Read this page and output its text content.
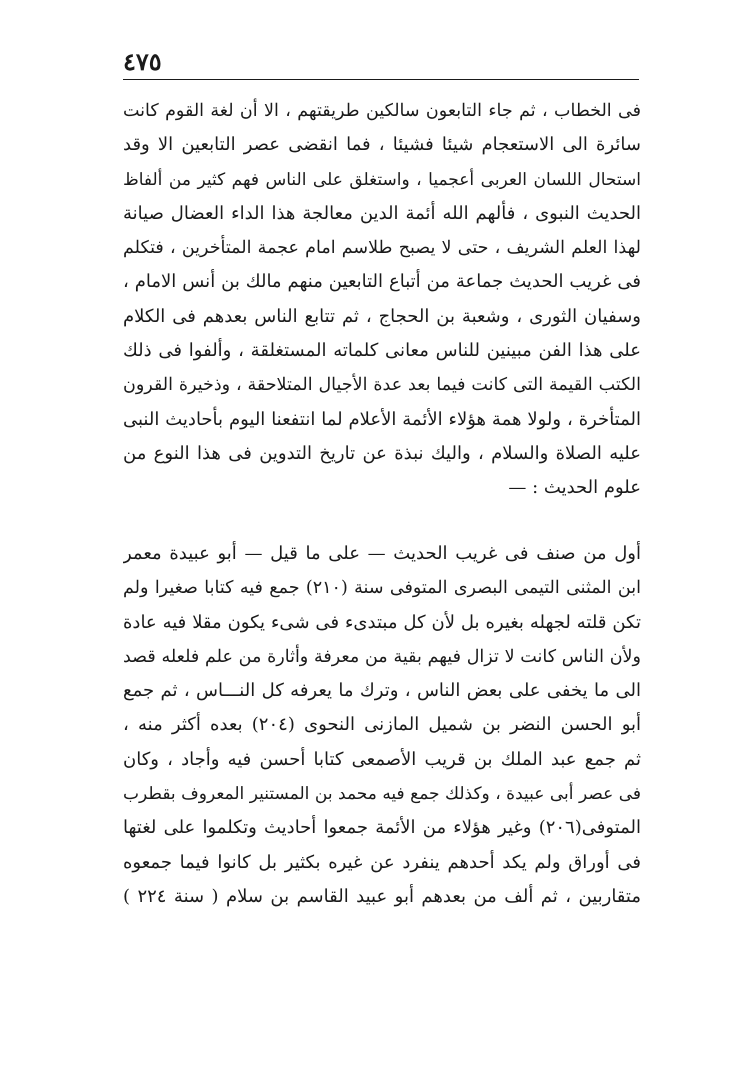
٤٧٥
فى الخطاب ، ثم جاء التابعون سالكين طريقتهم ، الا أن لغة القوم كانت
سائرة الى الاستعجام شيئا فشيئا ، فما انقضى عصر التابعين الا وقد
استحال اللسان العربى أعجميا ، واستغلق على الناس فهم كثير من ألفاظ
الحديث النبوى ، فألهم الله أئمة الدين معالجة هذا الداء العضال صيانة
لهذا العلم الشريف ، حتى لا يصبح طلاسم امام عجمة المتأخرين ، فتكلم
فى غريب الحديث جماعة من أتباع التابعين منهم مالك بن أنس الامام ،
وسفيان الثورى ، وشعبة بن الحجاج ، ثم تتابع الناس بعدهم فى الكلام
على هذا الفن مبينين للناس معانى كلماته المستغلقة ، وألفوا فى ذلك
الكتب القيمة التى كانت فيما بعد عدة الأجيال المتلاحقة ، وذخيرة القرون
المتأخرة ، ولولا همة هؤلاء الأئمة الأعلام لما انتفعنا اليوم بأحاديث النبى
عليه الصلاة والسلام ، واليك نبذة عن تاريخ التدوين فى هذا النوع من
علوم الحديث : —
أول من صنف فى غريب الحديث — على ما قيل — أبو عبيدة معمر
ابن المثنى التيمى البصرى المتوفى سنة (٢١٠) جمع فيه كتابا صغيرا ولم
تكن قلته لجهله بغيره بل لأن كل مبتدىء فى شىء يكون مقلا فيه عادة
ولأن الناس كانت لا تزال فيهم بقية من معرفة وأثارة من علم فلعله قصد
الى ما يخفى على بعض الناس ، وترك ما يعرفه كل النـــاس ، ثم جمع
أبو الحسن النضر بن شميل المازنى النحوى (٢٠٤) بعده أكثر منه ،
ثم جمع عبد الملك بن قريب الأصمعى كتابا أحسن فيه وأجاد ، وكان
فى عصر أبى عبيدة ، وكذلك جمع فيه محمد بن المستنير المعروف بقطرب
المتوفى(٢٠٦) وغير هؤلاء من الأئمة جمعوا أحاديث وتكلموا على لغتها
فى أوراق ولم يكد أحدهم ينفرد عن غيره بكثير بل كانوا فيما جمعوه
متقاربين ، ثم ألف من بعدهم أبو عبيد القاسم بن سلام ( سنة ٢٢٤ )
